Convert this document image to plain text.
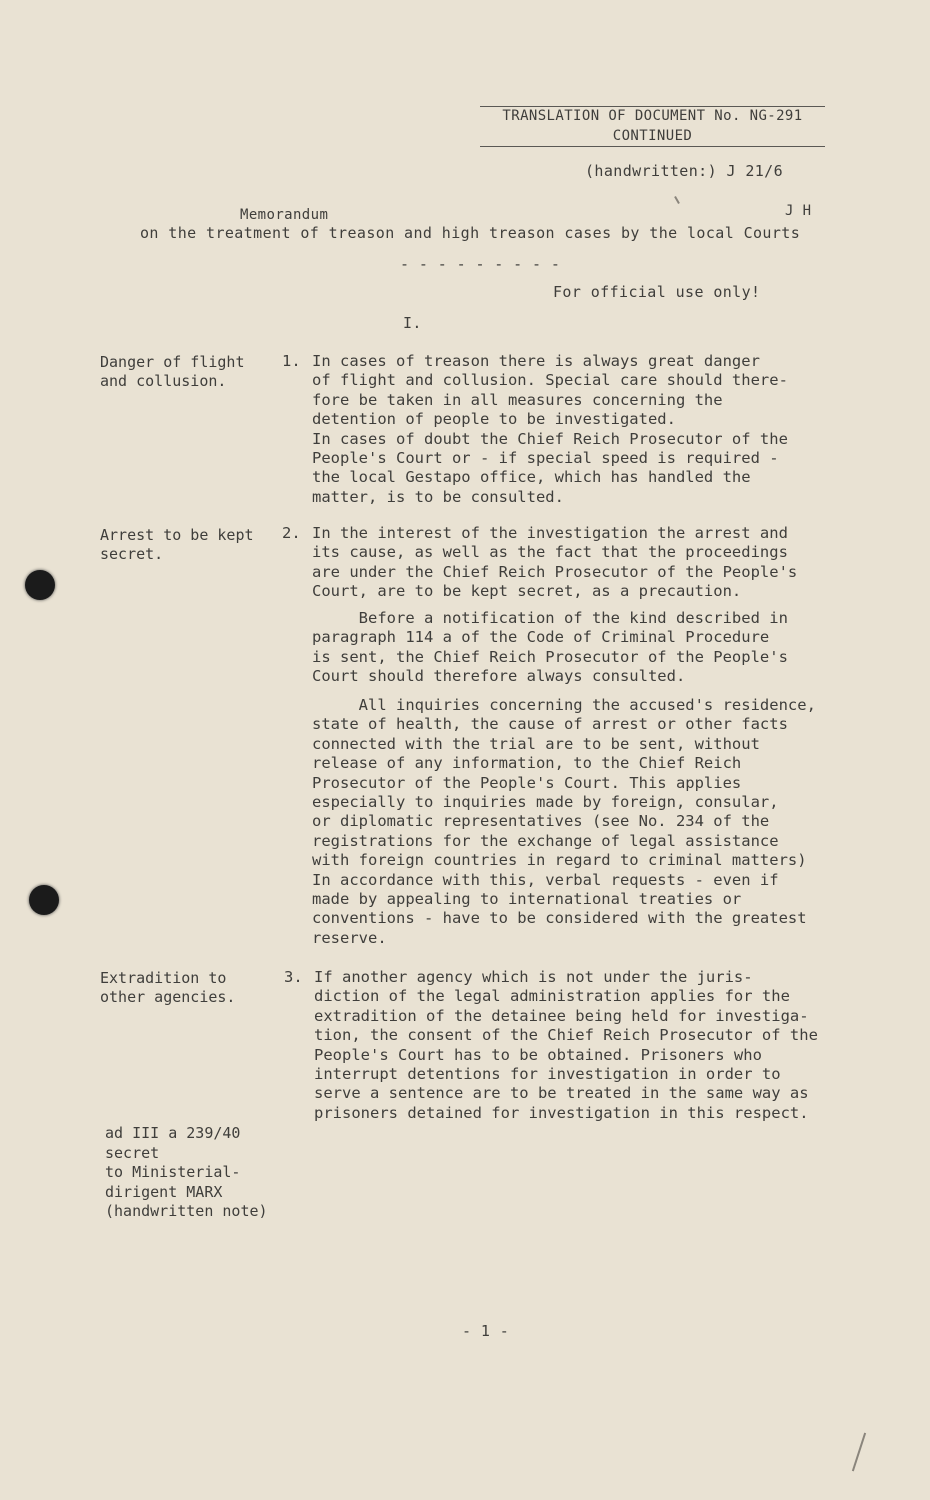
TRANSLATION OF DOCUMENT No. NG-291
CONTINUED
(handwritten:) J 21/6
Memorandum	J H
on the treatment of treason and high treason cases by the local Courts
- - - - - - - - -
For official use only!
I.
Danger of flight
and collusion.
1. In cases of treason there is always great danger
of flight and collusion. Special care should there-
fore be taken in all measures concerning the
detention of people to be investigated.
In cases of doubt the Chief Reich Prosecutor of the
People's Court or - if special speed is required -
the local Gestapo office, which has handled the
matter, is to be consulted.
Arrest to be kept
secret.
2. In the interest of the investigation the arrest and
its cause, as well as the fact that the proceedings
are under the Chief Reich Prosecutor of the People's
Court, are to be kept secret, as a precaution.
Before a notification of the kind described in
paragraph 114 a of the Code of Criminal Procedure
is sent, the Chief Reich Prosecutor of the People's
Court should therefore always consulted.
All inquiries concerning the accused's residence,
state of health, the cause of arrest or other facts
connected with the trial are to be sent, without
release of any information, to the Chief Reich
Prosecutor of the People's Court. This applies
especially to inquiries made by foreign, consular,
or diplomatic representatives (see No. 234 of the
registrations for the exchange of legal assistance
with foreign countries in regard to criminal matters)
In accordance with this, verbal requests - even if
made by appealing to international treaties or
conventions - have to be considered with the greatest
reserve.
Extradition to
other agencies.
3. If another agency which is not under the juris-
diction of the legal administration applies for the
extradition of the detainee being held for investiga-
tion, the consent of the Chief Reich Prosecutor of the
People's Court has to be obtained. Prisoners who
interrupt detentions for investigation in order to
serve a sentence are to be treated in the same way as
prisoners detained for investigation in this respect.
ad III a 239/40
secret
to Ministerial-
dirigent MARX
(handwritten note)
- 1 -
